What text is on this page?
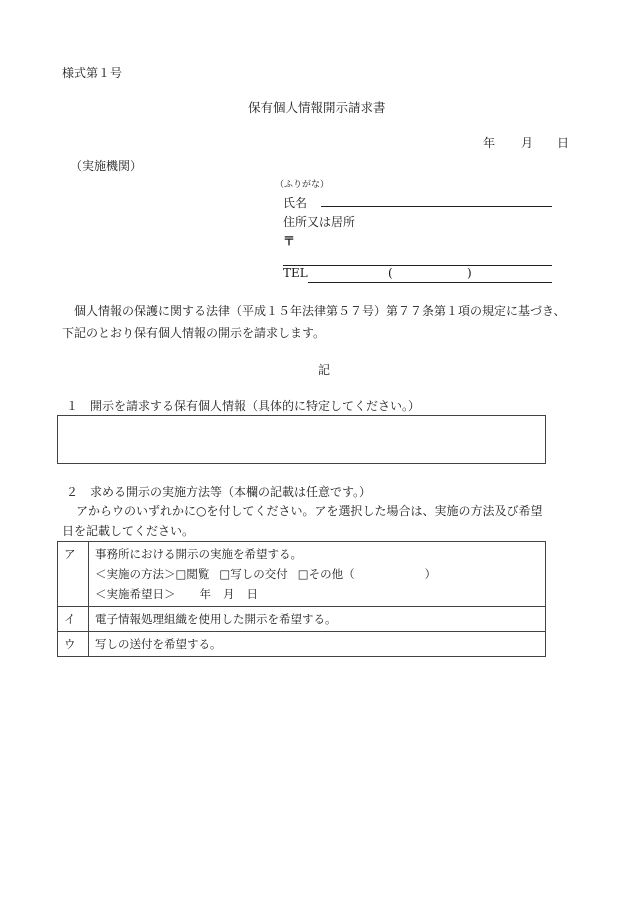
様式第１号
保有個人情報開示請求書
年 月 日
（実施機関）
（ふりがな）
氏名
住所又は居所
〒
TEL	(	)
個人情報の保護に関する法律（平成１５年法律第５７号）第７７条第１項の規定に基づき、
下記のとおり保有個人情報の開示を請求します。
記
１　開示を請求する保有個人情報（具体的に特定してください。）
２　求める開示の実施方法等（本欄の記載は任意です。）
アからウのいずれかに○を付してください。アを選択した場合は、実施の方法及び希望
日を記載してください。
ア	事務所における開示の実施を希望する。
＜実施の方法＞□閲覧 □写しの交付 □その他（ ）
＜実施希望日＞ 年 月 日

イ	電子情報処理組織を使用した開示を希望する。
ウ	写しの送付を希望する。
